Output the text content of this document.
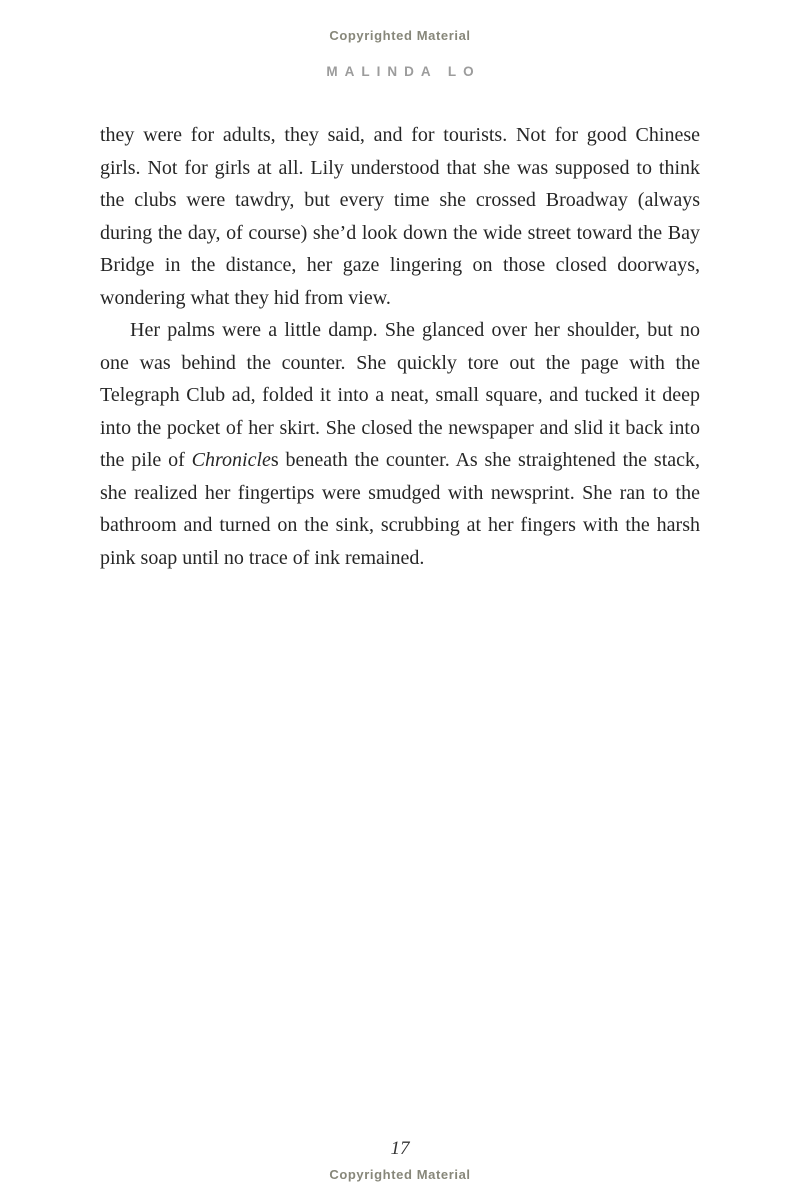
Copyrighted Material
MALINDA LO

they were for adults, they said, and for tourists. Not for good Chinese girls. Not for girls at all. Lily understood that she was supposed to think the clubs were tawdry, but every time she crossed Broadway (always during the day, of course) she’d look down the wide street toward the Bay Bridge in the distance, her gaze lingering on those closed doorways, wondering what they hid from view.

Her palms were a little damp. She glanced over her shoulder, but no one was behind the counter. She quickly tore out the page with the Telegraph Club ad, folded it into a neat, small square, and tucked it deep into the pocket of her skirt. She closed the newspaper and slid it back into the pile of Chronicles beneath the counter. As she straightened the stack, she realized her fingertips were smudged with newsprint. She ran to the bathroom and turned on the sink, scrubbing at her fingers with the harsh pink soap until no trace of ink remained.

17
Copyrighted Material
